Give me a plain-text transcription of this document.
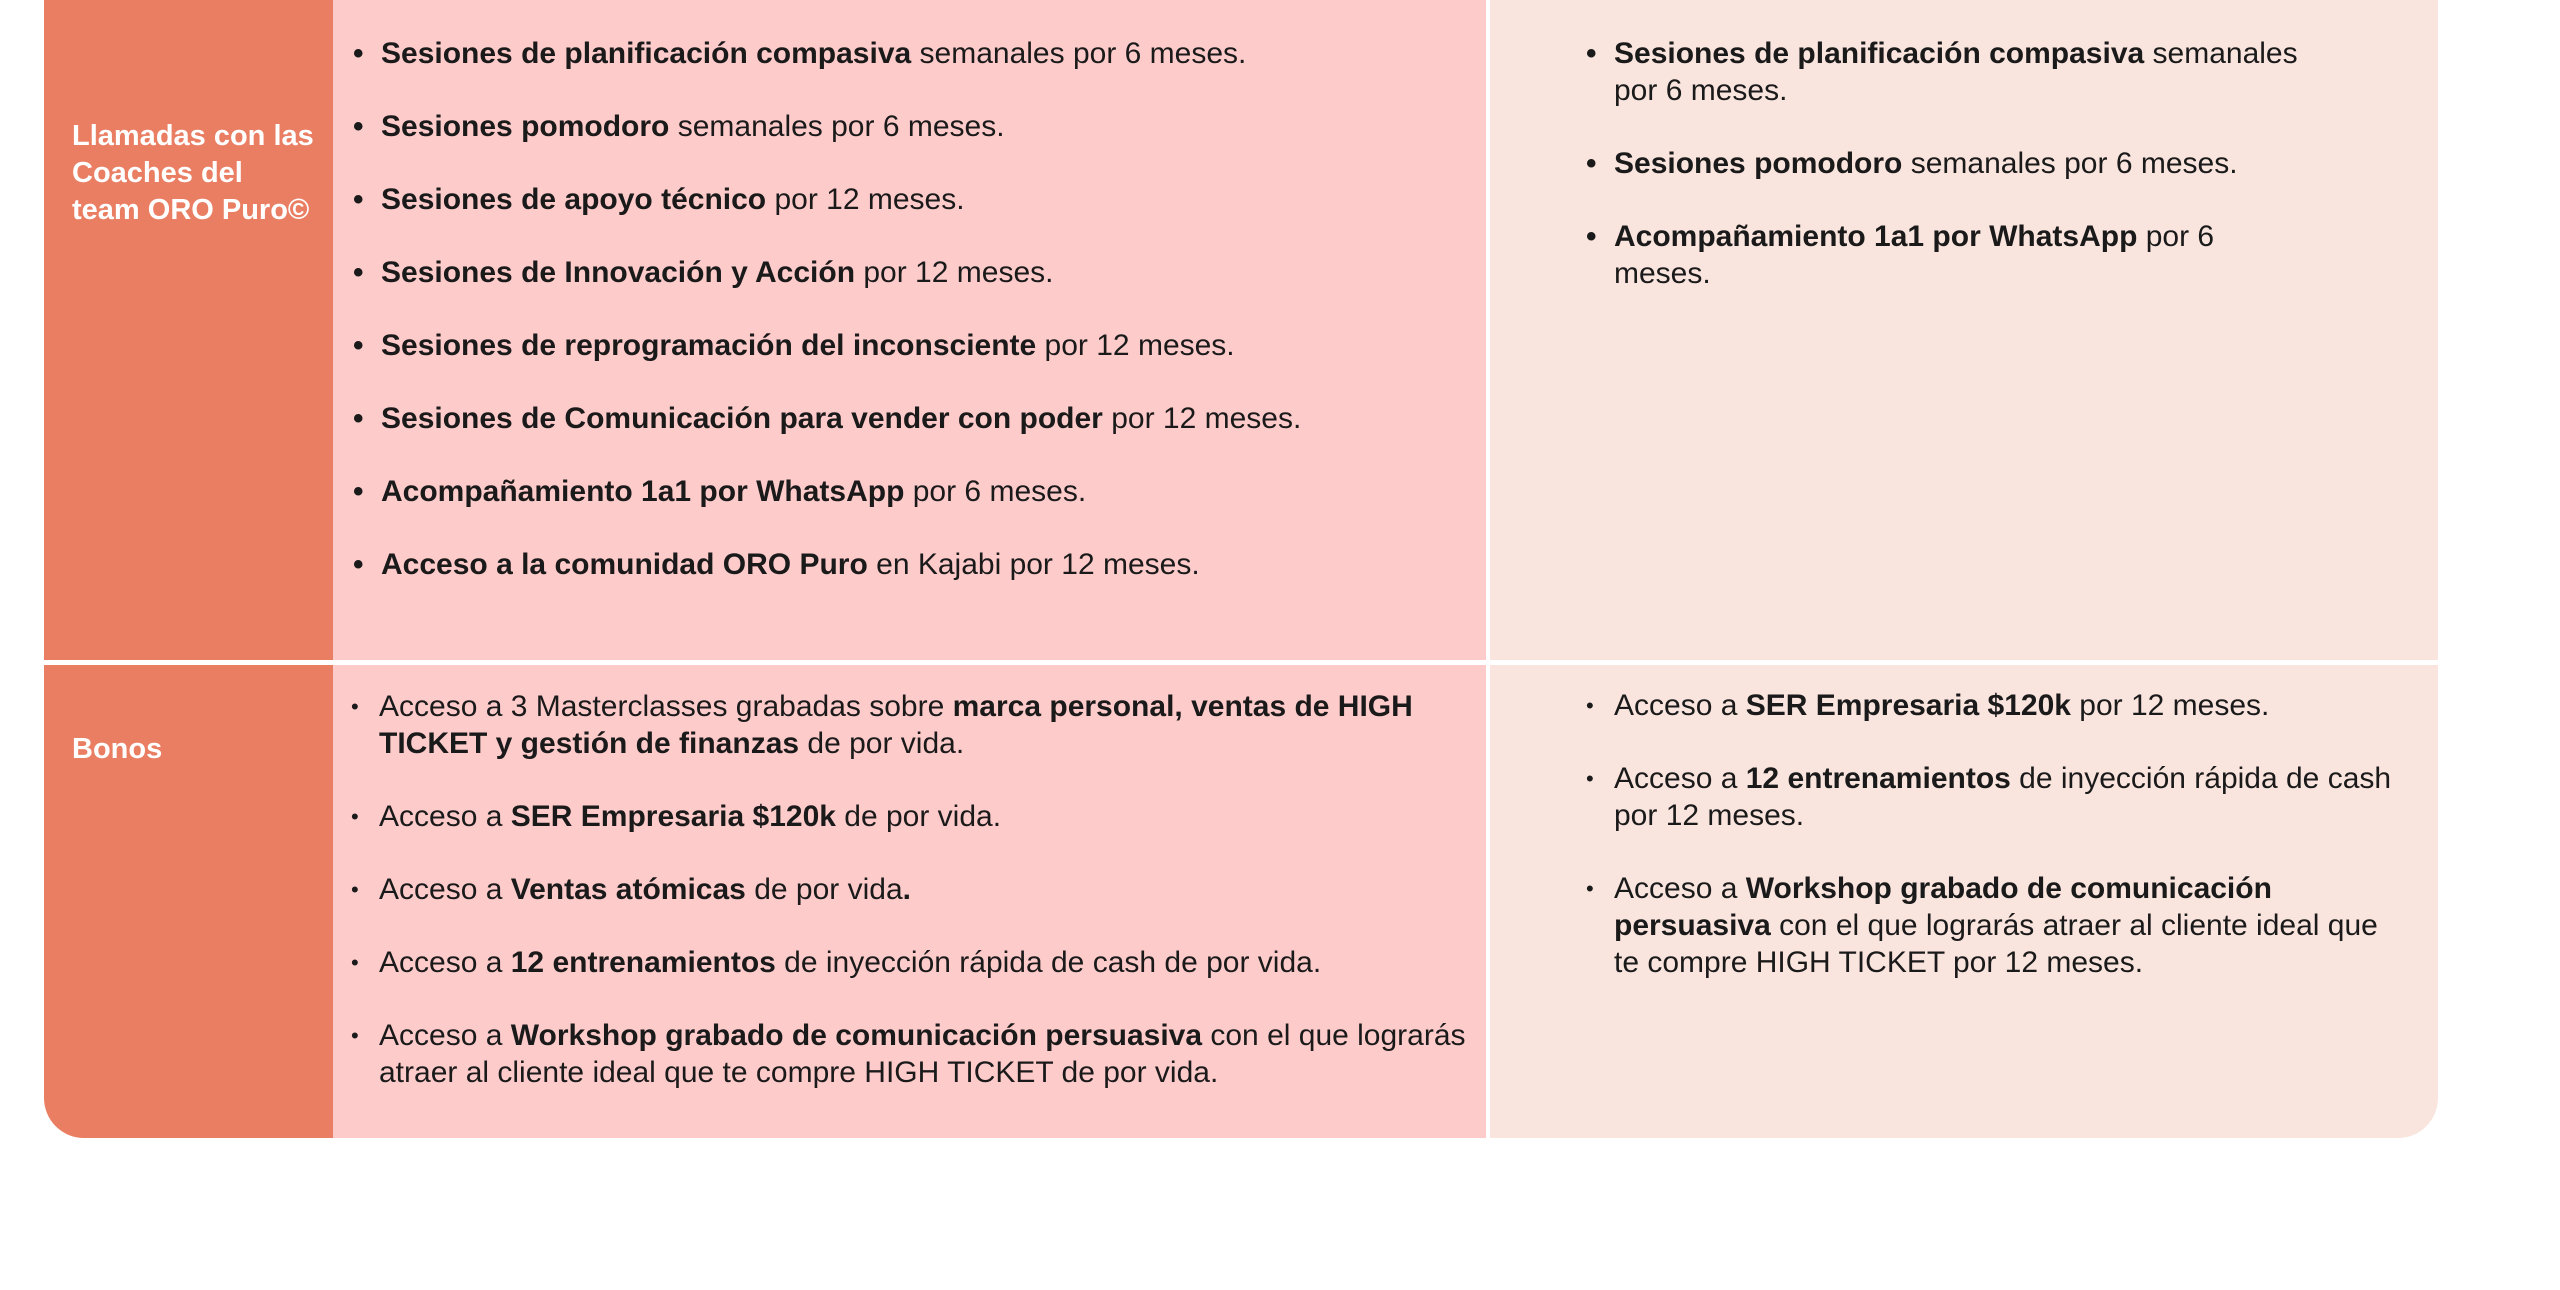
Llamadas con las Coaches del team ORO Puro©
• Sesiones de planificación compasiva semanales por 6 meses.
• Sesiones pomodoro semanales por 6 meses.
• Sesiones de apoyo técnico por 12 meses.
• Sesiones de Innovación y Acción por 12 meses.
• Sesiones de reprogramación del inconsciente por 12 meses.
• Sesiones de Comunicación para vender con poder por 12 meses.
• Acompañamiento 1a1 por WhatsApp por 6 meses.
• Acceso a la comunidad ORO Puro en Kajabi por 12 meses.
• Sesiones de planificación compasiva semanales por 6 meses.
• Sesiones pomodoro semanales por 6 meses.
• Acompañamiento 1a1 por WhatsApp por 6 meses.
Bonos
• Acceso a 3 Masterclasses grabadas sobre marca personal, ventas de HIGH TICKET y gestión de finanzas de por vida.
• Acceso a SER Empresaria $120k de por vida.
• Acceso a Ventas atómicas de por vida.
• Acceso a 12 entrenamientos de inyección rápida de cash de por vida.
• Acceso a Workshop grabado de comunicación persuasiva con el que lograrás atraer al cliente ideal que te compre HIGH TICKET de por vida.
• Acceso a SER Empresaria $120k por 12 meses.
• Acceso a 12 entrenamientos de inyección rápida de cash por 12 meses.
• Acceso a Workshop grabado de comunicación persuasiva con el que lograrás atraer al cliente ideal que te compre HIGH TICKET por 12 meses.
